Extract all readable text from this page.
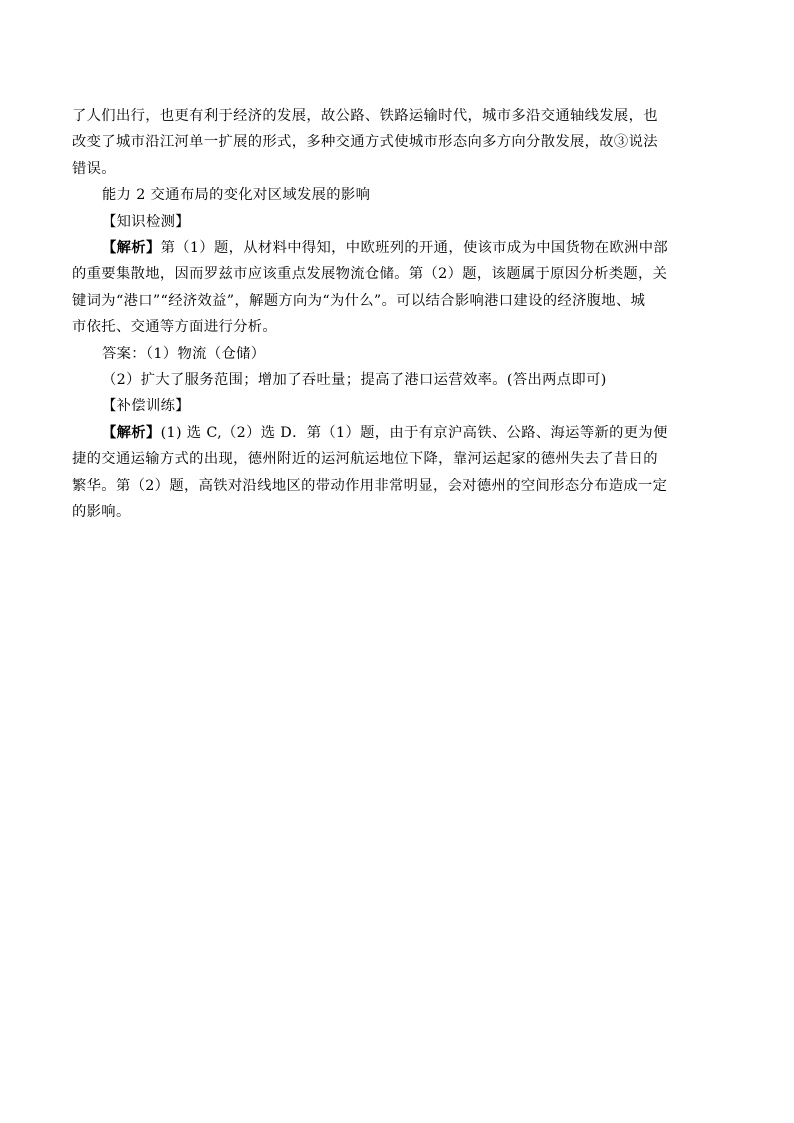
了人们出行，也更有利于经济的发展，故公路、铁路运输时代，城市多沿交通轴线发展，也
改变了城市沿江河单一扩展的形式，多种交通方式使城市形态向多方向分散发展，故③说法
错误。
能力 2 交通布局的变化对区域发展的影响
【知识检测】
【解析】第（1）题，从材料中得知，中欧班列的开通，使该市成为中国货物在欧洲中部
的重要集散地，因而罗兹市应该重点发展物流仓储。第（2）题，该题属于原因分析类题，关
键词为“港口”“经济效益”，解题方向为“为什么”。可以结合影响港口建设的经济腹地、城
市依托、交通等方面进行分析。
答案：（1）物流（仓储）
（2）扩大了服务范围；增加了吞吐量；提高了港口运营效率。(答出两点即可)
【补偿训练】
【解析】(1) 选 C,（2）选 D．第（1）题，由于有京沪高铁、公路、海运等新的更为便
捷的交通运输方式的出现，德州附近的运河航运地位下降，靠河运起家的德州失去了昔日的
繁华。第（2）题，高铁对沿线地区的带动作用非常明显，会对德州的空间形态分布造成一定
的影响。
